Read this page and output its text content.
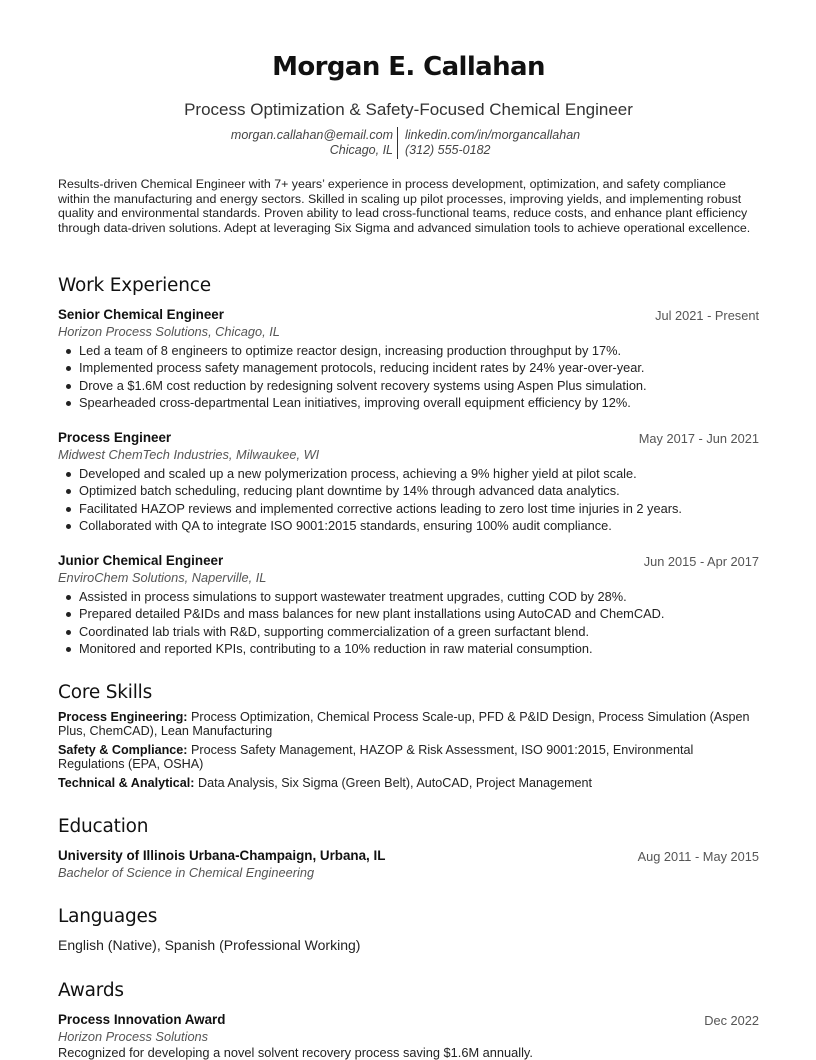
Morgan E. Callahan
Process Optimization & Safety-Focused Chemical Engineer
morgan.callahan@email.com linkedin.com/in/morgancallahan
Chicago, IL (312) 555-0182
Results-driven Chemical Engineer with 7+ years’ experience in process development, optimization, and safety compliance within the manufacturing and energy sectors. Skilled in scaling up pilot processes, improving yields, and implementing robust quality and environmental standards. Proven ability to lead cross-functional teams, reduce costs, and enhance plant efficiency through data-driven solutions. Adept at leveraging Six Sigma and advanced simulation tools to achieve operational excellence.
Work Experience
Senior Chemical Engineer	Jul 2021 - Present
Horizon Process Solutions, Chicago, IL
Led a team of 8 engineers to optimize reactor design, increasing production throughput by 17%.
Implemented process safety management protocols, reducing incident rates by 24% year-over-year.
Drove a $1.6M cost reduction by redesigning solvent recovery systems using Aspen Plus simulation.
Spearheaded cross-departmental Lean initiatives, improving overall equipment efficiency by 12%.
Process Engineer	May 2017 - Jun 2021
Midwest ChemTech Industries, Milwaukee, WI
Developed and scaled up a new polymerization process, achieving a 9% higher yield at pilot scale.
Optimized batch scheduling, reducing plant downtime by 14% through advanced data analytics.
Facilitated HAZOP reviews and implemented corrective actions leading to zero lost time injuries in 2 years.
Collaborated with QA to integrate ISO 9001:2015 standards, ensuring 100% audit compliance.
Junior Chemical Engineer	Jun 2015 - Apr 2017
EnviroChem Solutions, Naperville, IL
Assisted in process simulations to support wastewater treatment upgrades, cutting COD by 28%.
Prepared detailed P&IDs and mass balances for new plant installations using AutoCAD and ChemCAD.
Coordinated lab trials with R&D, supporting commercialization of a green surfactant blend.
Monitored and reported KPIs, contributing to a 10% reduction in raw material consumption.
Core Skills
Process Engineering: Process Optimization, Chemical Process Scale-up, PFD & P&ID Design, Process Simulation (Aspen Plus, ChemCAD), Lean Manufacturing
Safety & Compliance: Process Safety Management, HAZOP & Risk Assessment, ISO 9001:2015, Environmental Regulations (EPA, OSHA)
Technical & Analytical: Data Analysis, Six Sigma (Green Belt), AutoCAD, Project Management
Education
University of Illinois Urbana-Champaign, Urbana, IL	Aug 2011 - May 2015
Bachelor of Science in Chemical Engineering
Languages
English (Native), Spanish (Professional Working)
Awards
Process Innovation Award	Dec 2022
Horizon Process Solutions
Recognized for developing a novel solvent recovery process saving $1.6M annually.
